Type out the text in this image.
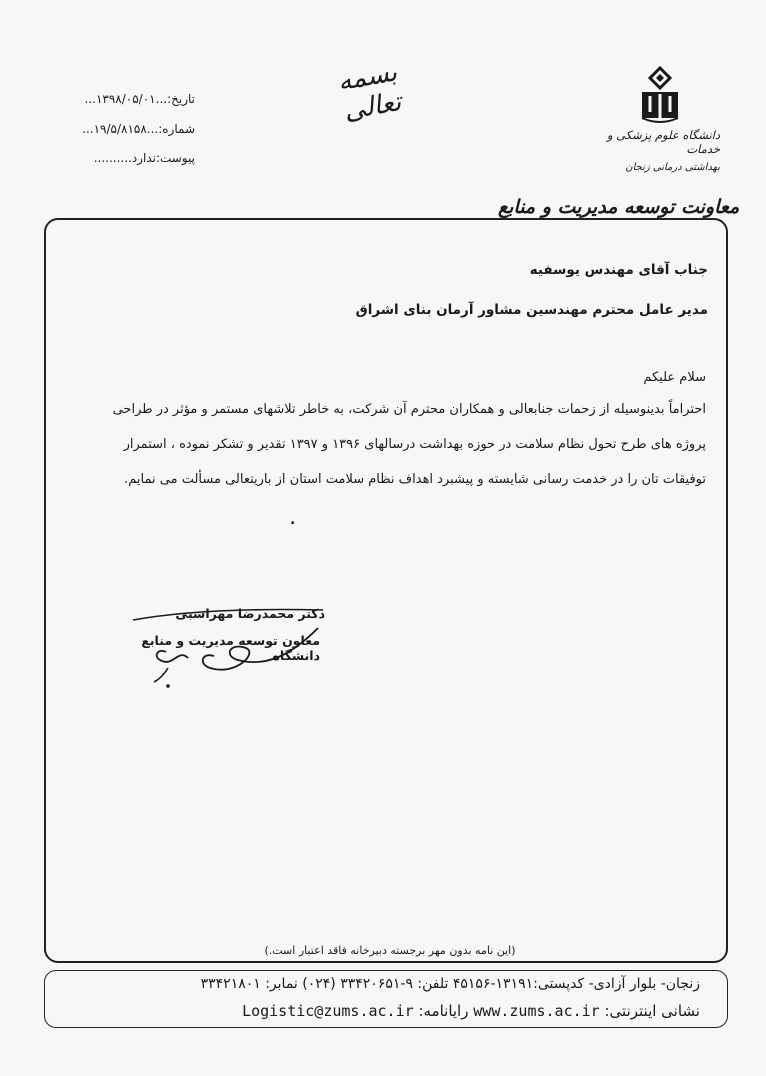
بسمه تعالی
تاریخ:...۱۳۹۸/۰۵/۰۱...
شماره:...۱۹/۵/۸۱۵۸...
پیوست:ندارد..........
دانشگاه علوم پزشکی و خدمات
بهداشتی درمانی زنجان
معاونت توسعه مدیریت و منابع
جناب آقای مهندس یوسفیه
مدیر عامل محترم مهندسین مشاور آرمان بنای اشراق
سلام علیکم
احتراماً بدینوسیله از زحمات جنابعالی و همکاران محترم آن شرکت، به خاطر تلاشهای مستمر و مؤثر در طراحی
پروژه های طرح تحول نظام سلامت در حوزه بهداشت درسالهای ۱۳۹۶ و ۱۳۹۷ تقدیر و تشکر نموده ، استمرار
توفیقات تان را در خدمت رسانی شایسته و پیشبرد اهداف نظام سلامت استان از باریتعالی مسألت می نمایم.
.
دکتر محمدرضا مهراسبی
معاون توسعه مدیریت و منابع دانشگاه
(این نامه بدون مهر برجسته دبیرخانه فاقد اعتبار است.)
زنجان- بلوار آزادی- کدپستی:۱۳۱۹۱-۴۵۱۵۶ تلفن: ۹-۳۳۴۲۰۶۵۱ (۰۲۴) نمابر: ۳۳۴۲۱۸۰۱
نشانی اینترنتی: www.zums.ac.ir رایانامه: Logistic@zums.ac.ir
